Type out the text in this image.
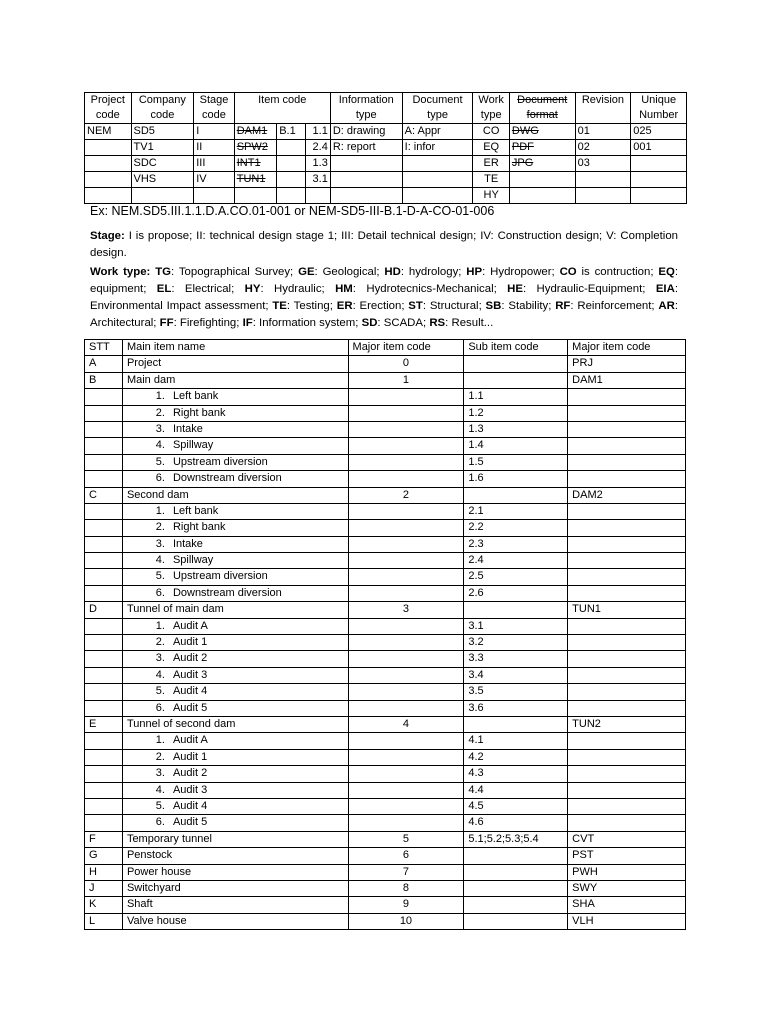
Project	Company	Stage	Item code			Information	Document	Work	Document	Revision	Unique
code	code	code				type	type	type	format		Number
NEM	SD5	I	DAM1	B.1	1.1	D: drawing	A: Appr	CO	DWG	01	025
	TV1	II	SPW2		2.4	R: report	I: infor	EQ	PDF	02	001
	SDC	III	INT1		1.3			ER	JPG	03	
	VHS	IV	TUN1		3.1			TE			
								HY			
Ex: NEM.SD5.III.1.1.D.A.CO.01-001 or NEM-SD5-III-B.1-D-A-CO-01-006
Stage: I is propose; II: technical design stage 1; III: Detail technical design; IV: Construction design; V: Completion design.
Work type: TG: Topographical Survey; GE: Geological; HD: hydrology; HP: Hydropower; CO is contruction; EQ: equipment; EL: Electrical; HY: Hydraulic; HM: Hydrotecnics-Mechanical; HE: Hydraulic-Equipment; EIA: Environmental Impact assessment; TE: Testing; ER: Erection; ST: Structural; SB: Stability; RF: Reinforcement; AR: Architectural; FF: Firefighting; IF: Information system; SD: SCADA; RS: Result...
STT	Main item name	Major item code	Sub item code	Major item code
A	Project	0		PRJ
B	Main dam	1		DAM1
	1. Left bank		1.1	
	2. Right bank		1.2	
	3. Intake		1.3	
	4. Spillway		1.4	
	5. Upstream diversion		1.5	
	6. Downstream diversion		1.6	
C	Second dam	2		DAM2
	1. Left bank		2.1	
	2. Right bank		2.2	
	3. Intake		2.3	
	4. Spillway		2.4	
	5. Upstream diversion		2.5	
	6. Downstream diversion		2.6	
D	Tunnel of main dam	3		TUN1
	1. Audit A		3.1	
	2. Audit 1		3.2	
	3. Audit 2		3.3	
	4. Audit 3		3.4	
	5. Audit 4		3.5	
	6. Audit 5		3.6	
E	Tunnel of second dam	4		TUN2
	1. Audit A		4.1	
	2. Audit 1		4.2	
	3. Audit 2		4.3	
	4. Audit 3		4.4	
	5. Audit 4		4.5	
	6. Audit 5		4.6	
F	Temporary tunnel	5	5.1;5.2;5.3;5.4	CVT
G	Penstock	6		PST
H	Power house	7		PWH
J	Switchyard	8		SWY
K	Shaft	9		SHA
L	Valve house	10		VLH
